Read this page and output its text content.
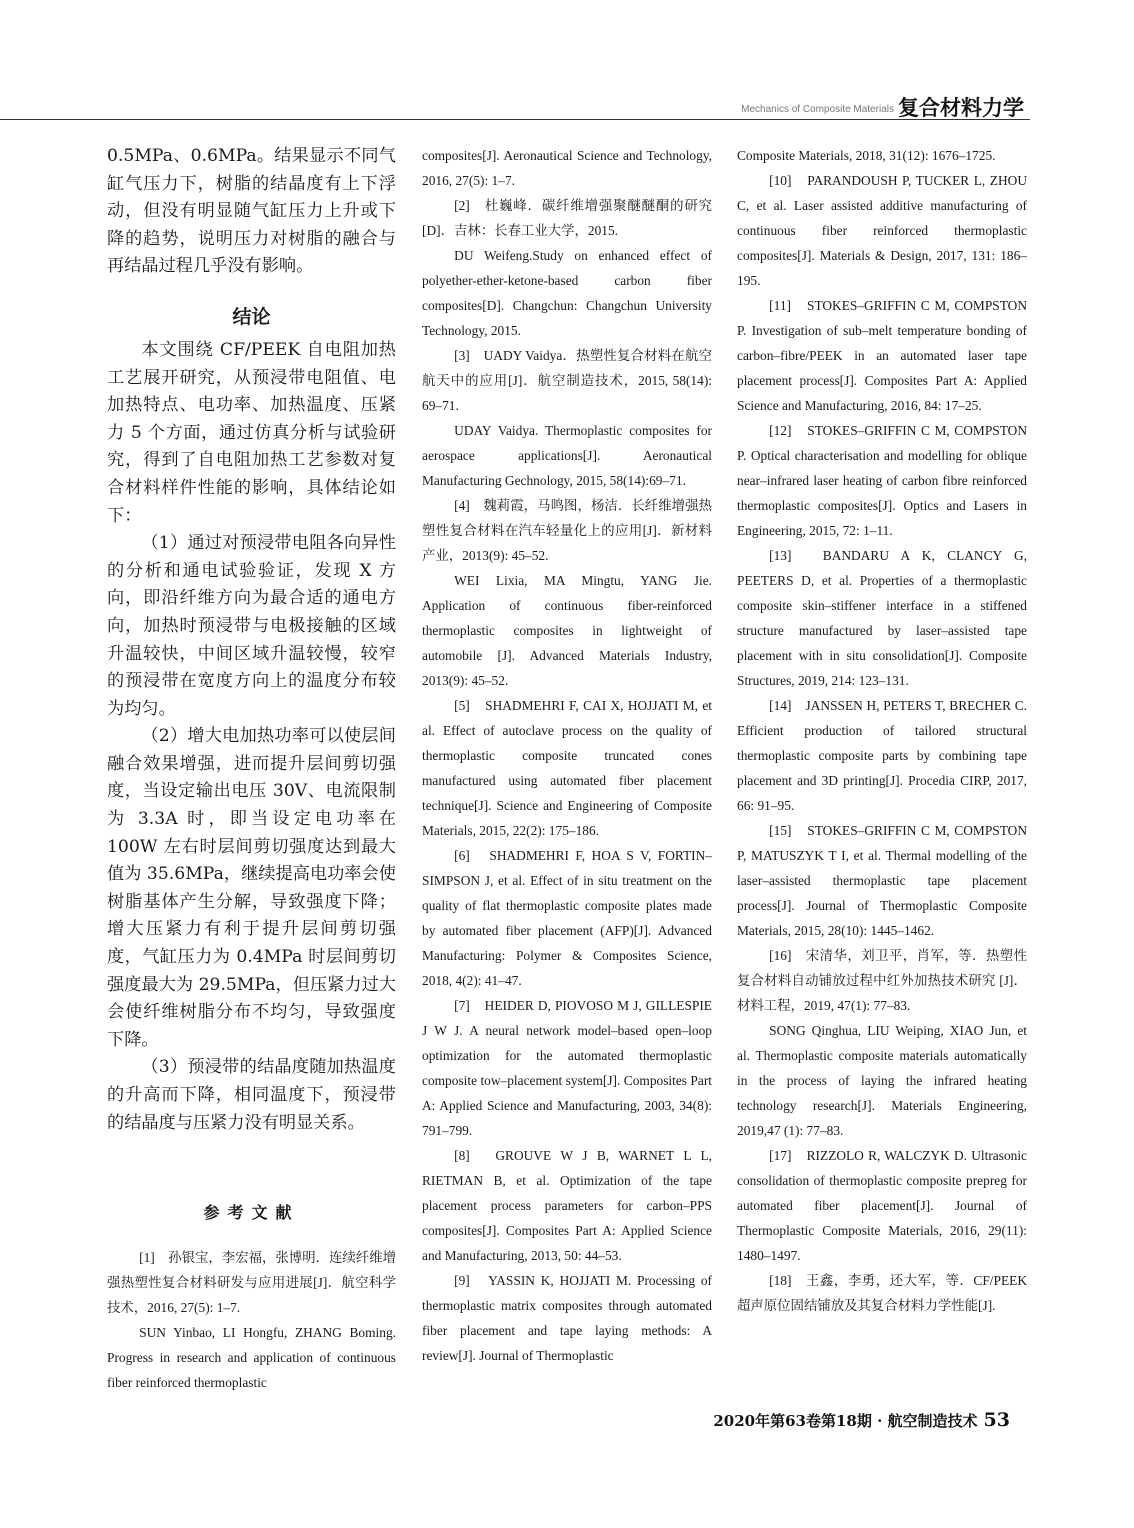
Mechanics of Composite Materials 复合材料力学

0.5MPa、0.6MPa。结果显示不同气缸气压力下，树脂的结晶度有上下浮动，但没有明显随气缸压力上升或下降的趋势，说明压力对树脂的融合与再结晶过程几乎没有影响。

结论

本文围绕 CF/PEEK 自电阻加热工艺展开研究，从预浸带电阻值、电加热特点、电功率、加热温度、压紧力 5 个方面，通过仿真分析与试验研究，得到了自电阻加热工艺参数对复合材料样件性能的影响，具体结论如下：

（1）通过对预浸带电阻各向异性的分析和通电试验验证，发现 X 方向，即沿纤维方向为最合适的通电方向，加热时预浸带与电极接触的区域升温较快，中间区域升温较慢，较窄的预浸带在宽度方向上的温度分布较为均匀。

（2）增大电加热功率可以使层间融合效果增强，进而提升层间剪切强度，当设定输出电压 30V、电流限制为 3.3A 时，即当设定电功率在 100W 左右时层间剪切强度达到最大值为 35.6MPa，继续提高电功率会使树脂基体产生分解，导致强度下降；增大压紧力有利于提升层间剪切强度，气缸压力为 0.4MPa 时层间剪切强度最大为 29.5MPa，但压紧力过大会使纤维树脂分布不均匀，导致强度下降。

（3）预浸带的结晶度随加热温度的升高而下降，相同温度下，预浸带的结晶度与压紧力没有明显关系。

参考文献

[1]　孙银宝，李宏福，张博明．连续纤维增强热塑性复合材料研发与应用进展[J]．航空科学技术，2016, 27(5): 1–7.

SUN Yinbao, LI Hongfu, ZHANG Boming. Progress in research and application of continuous fiber reinforced thermoplastic

composites[J]. Aeronautical Science and Technology, 2016, 27(5): 1–7.

[2]　杜巍峰．碳纤维增强聚醚醚酮的研究[D]．吉林：长春工业大学，2015.

DU Weifeng.Study on enhanced effect of polyether-ether-ketone-based carbon fiber composites[D]. Changchun: Changchun University Technology, 2015.

[3]　UADY Vaidya．热塑性复合材料在航空航天中的应用[J]．航空制造技术，2015, 58(14): 69–71.

UDAY Vaidya. Thermoplastic composites for aerospace applications[J]. Aeronautical Manufacturing Gechnology, 2015, 58(14):69–71.

[4]　魏莉霞，马鸣图，杨洁．长纤维增强热塑性复合材料在汽车轻量化上的应用[J]．新材料产业，2013(9): 45–52.

WEI Lixia, MA Mingtu, YANG Jie. Application of continuous fiber-reinforced thermoplastic composites in lightweight of automobile [J]. Advanced Materials Industry, 2013(9): 45–52.

[5]　SHADMEHRI F, CAI X, HOJJATI M, et al. Effect of autoclave process on the quality of thermoplastic composite truncated cones manufactured using automated fiber placement technique[J]. Science and Engineering of Composite Materials, 2015, 22(2): 175–186.

[6]　SHADMEHRI F, HOA S V, FORTIN–SIMPSON J, et al. Effect of in situ treatment on the quality of flat thermoplastic composite plates made by automated fiber placement (AFP)[J]. Advanced Manufacturing: Polymer & Composites Science, 2018, 4(2): 41–47.

[7]　HEIDER D, PIOVOSO M J, GILLESPIE J W J. A neural network model–based open–loop optimization for the automated thermoplastic composite tow–placement system[J]. Composites Part A: Applied Science and Manufacturing, 2003, 34(8): 791–799.

[8]　GROUVE W J B, WARNET L L, RIETMAN B, et al. Optimization of the tape placement process parameters for carbon–PPS composites[J]. Composites Part A: Applied Science and Manufacturing, 2013, 50: 44–53.

[9]　YASSIN K, HOJJATI M. Processing of thermoplastic matrix composites through automated fiber placement and tape laying methods: A review[J]. Journal of Thermoplastic

Composite Materials, 2018, 31(12): 1676–1725.

[10]　PARANDOUSH P, TUCKER L, ZHOU C, et al. Laser assisted additive manufacturing of continuous fiber reinforced thermoplastic composites[J]. Materials & Design, 2017, 131: 186–195.

[11]　STOKES–GRIFFIN C M, COMPSTON P. Investigation of sub–melt temperature bonding of carbon–fibre/PEEK in an automated laser tape placement process[J]. Composites Part A: Applied Science and Manufacturing, 2016, 84: 17–25.

[12]　STOKES–GRIFFIN C M, COMPSTON P. Optical characterisation and modelling for oblique near–infrared laser heating of carbon fibre reinforced thermoplastic composites[J]. Optics and Lasers in Engineering, 2015, 72: 1–11.

[13]　BANDARU A K, CLANCY G, PEETERS D, et al. Properties of a thermoplastic composite skin–stiffener interface in a stiffened structure manufactured by laser–assisted tape placement with in situ consolidation[J]. Composite Structures, 2019, 214: 123–131.

[14]　JANSSEN H, PETERS T, BRECHER C. Efficient production of tailored structural thermoplastic composite parts by combining tape placement and 3D printing[J]. Procedia CIRP, 2017, 66: 91–95.

[15]　STOKES–GRIFFIN C M, COMPSTON P, MATUSZYK T I, et al. Thermal modelling of the laser–assisted thermoplastic tape placement process[J]. Journal of Thermoplastic Composite Materials, 2015, 28(10): 1445–1462.

[16]　宋清华，刘卫平，肖军，等．热塑性复合材料自动铺放过程中红外加热技术研究 [J]．材料工程，2019, 47(1): 77–83.

SONG Qinghua, LIU Weiping, XIAO Jun, et al. Thermoplastic composite materials automatically in the process of laying the infrared heating technology research[J]. Materials Engineering, 2019,47 (1): 77–83.

[17]　RIZZOLO R, WALCZYK D. Ultrasonic consolidation of thermoplastic composite prepreg for automated fiber placement[J]. Journal of Thermoplastic Composite Materials, 2016, 29(11): 1480–1497.

[18]　王鑫，李勇，还大军，等．CF/PEEK 超声原位固结铺放及其复合材料力学性能[J].

2020年第63卷第18期 · 航空制造技术 53
